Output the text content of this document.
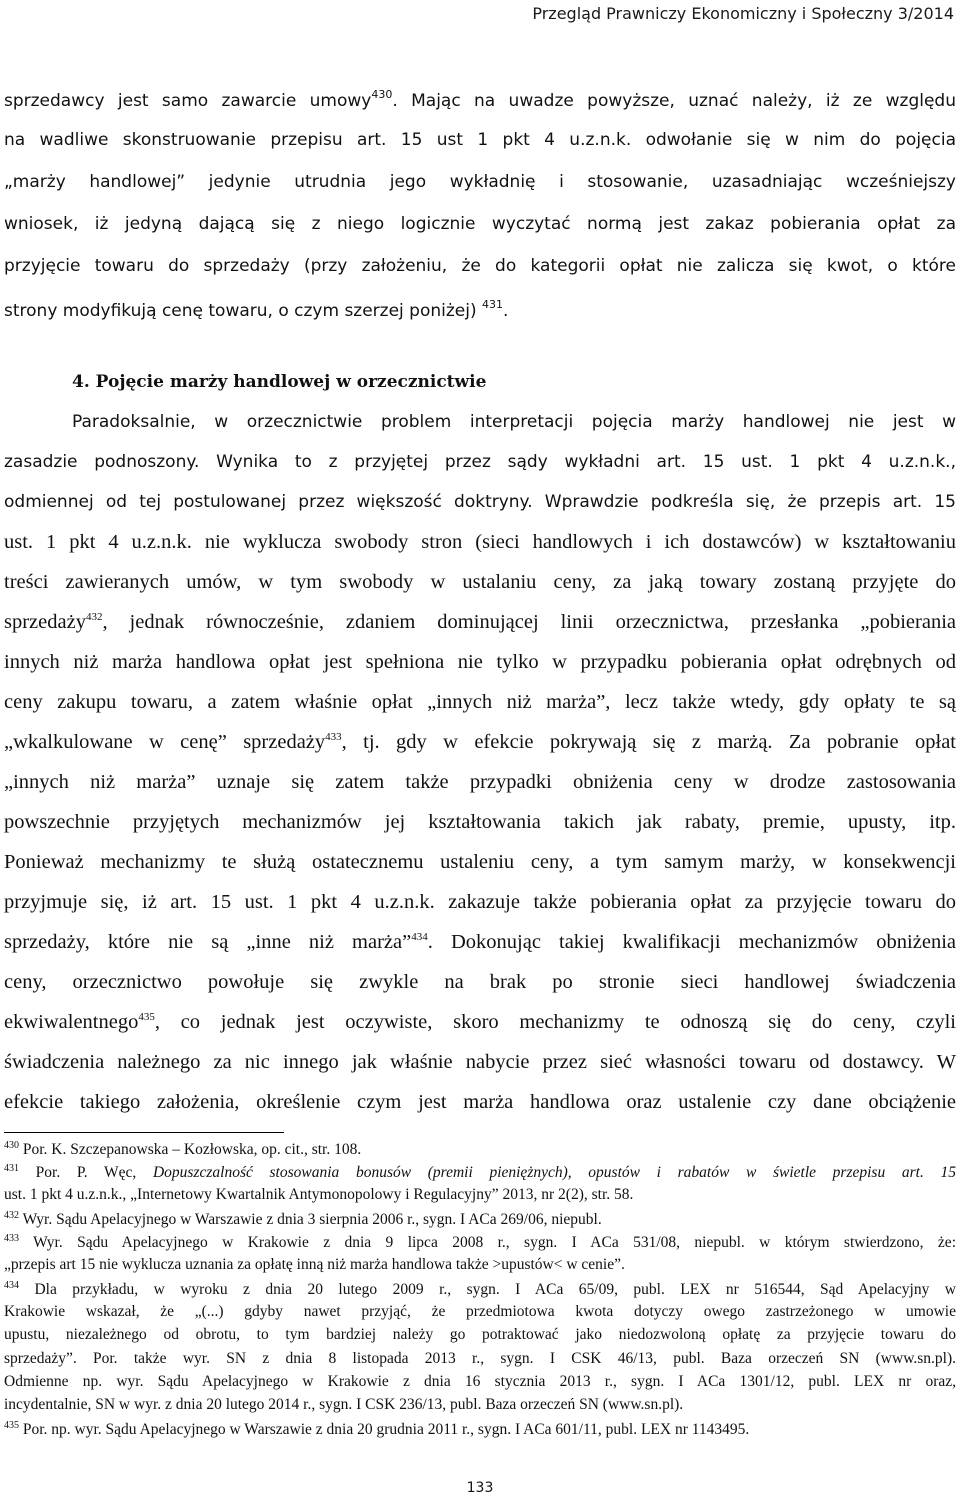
Przegląd Prawniczy Ekonomiczny i Społeczny 3/2014
sprzedawcy jest samo zawarcie umowy$^{430}$. Mając na uwadze powyższe, uznać należy, iż ze względu
na wadliwe skonstruowanie przepisu art. 15 ust 1 pkt 4 u.z.n.k. odwołanie się w nim do pojęcia
„marży handlowej” jedynie utrudnia jego wykładnię i stosowanie, uzasadniając wcześniejszy
wniosek, iż jedyną dającą się z niego logicznie wyczytać normą jest zakaz pobierania opłat za
przyjęcie towaru do sprzedaży (przy założeniu, że do kategorii opłat nie zalicza się kwot, o które
strony modyfikują cenę towaru, o czym szerzej poniżej) $^{431}$.
4. Pojęcie marży handlowej w orzecznictwie
Paradoksalnie, w orzecznictwie problem interpretacji pojęcia marży handlowej nie jest w
zasadzie podnoszony. Wynika to z przyjętej przez sądy wykładni art. 15 ust. 1 pkt 4 u.z.n.k.,
odmiennej od tej postulowanej przez większość doktryny. Wprawdzie podkreśla się, że przepis art. 15
ust. 1 pkt 4 u.z.n.k. nie wyklucza swobody stron (sieci handlowych i ich dostawców) w kształtowaniu
treści zawieranych umów, w tym swobody w ustalaniu ceny, za jaką towary zostaną przyjęte do
sprzedaży$^{432}$, jednak równocześnie, zdaniem dominującej linii orzecznictwa, przesłanka „pobierania
innych niż marża handlowa opłat jest spełniona nie tylko w przypadku pobierania opłat odrębnych od
ceny zakupu towaru, a zatem właśnie opłat „innych niż marża”, lecz także wtedy, gdy opłaty te są
„wkalkulowane w cenę” sprzedaży$^{433}$, tj. gdy w efekcie pokrywają się z marżą. Za pobranie opłat
„innych niż marża” uznaje się zatem także przypadki obniżenia ceny w drodze zastosowania
powszechnie przyjętych mechanizmów jej kształtowania takich jak rabaty, premie, upusty, itp.
Ponieważ mechanizmy te służą ostatecznemu ustaleniu ceny, a tym samym marży, w konsekwencji
przyjmuje się, iż art. 15 ust. 1 pkt 4 u.z.n.k. zakazuje także pobierania opłat za przyjęcie towaru do
sprzedaży, które nie są „inne niż marża”$^{434}$. Dokonując takiej kwalifikacji mechanizmów obniżenia
ceny, orzecznictwo powołuje się zwykle na brak po stronie sieci handlowej świadczenia
ekwiwalentnego$^{435}$, co jednak jest oczywiste, skoro mechanizmy te odnoszą się do ceny, czyli
świadczenia należnego za nic innego jak właśnie nabycie przez sieć własności towaru od dostawcy. W
efekcie takiego założenia, określenie czym jest marża handlowa oraz ustalenie czy dane obciążenie
$^{430}$ Por. K. Szczepanowska – Kozłowska, op. cit., str. 108.
$^{431}$ Por. P. Węc, Dopuszczalność stosowania bonusów (premii pieniężnych), opustów i rabatów w świetle przepisu art. 15
ust. 1 pkt 4 u.z.n.k., „Internetowy Kwartalnik Antymonopolowy i Regulacyjny” 2013, nr 2(2), str. 58.
$^{432}$ Wyr. Sądu Apelacyjnego w Warszawie z dnia 3 sierpnia 2006 r., sygn. I ACa 269/06, niepubl.
$^{433}$ Wyr. Sądu Apelacyjnego w Krakowie z dnia 9 lipca 2008 r., sygn. I ACa 531/08, niepubl. w którym stwierdzono, że:
„przepis art 15 nie wyklucza uznania za opłatę inną niż marża handlowa także >upustów< w cenie”.
$^{434}$ Dla przykładu, w wyroku z dnia 20 lutego 2009 r., sygn. I ACa 65/09, publ. LEX nr 516544, Sąd Apelacyjny w
Krakowie wskazał, że „(...) gdyby nawet przyjąć, że przedmiotowa kwota dotyczy owego zastrzeżonego w umowie
upustu, niezależnego od obrotu, to tym bardziej należy go potraktować jako niedozwoloną opłatę za przyjęcie towaru do
sprzedaży”. Por. także wyr. SN z dnia 8 listopada 2013 r., sygn. I CSK 46/13, publ. Baza orzeczeń SN (www.sn.pl).
Odmienne np. wyr. Sądu Apelacyjnego w Krakowie z dnia 16 stycznia 2013 r., sygn. I ACa 1301/12, publ. LEX nr oraz,
incydentalnie, SN w wyr. z dnia 20 lutego 2014 r., sygn. I CSK 236/13, publ. Baza orzeczeń SN (www.sn.pl).
$^{435}$ Por. np. wyr. Sądu Apelacyjnego w Warszawie z dnia 20 grudnia 2011 r., sygn. I ACa 601/11, publ. LEX nr 1143495.
133
